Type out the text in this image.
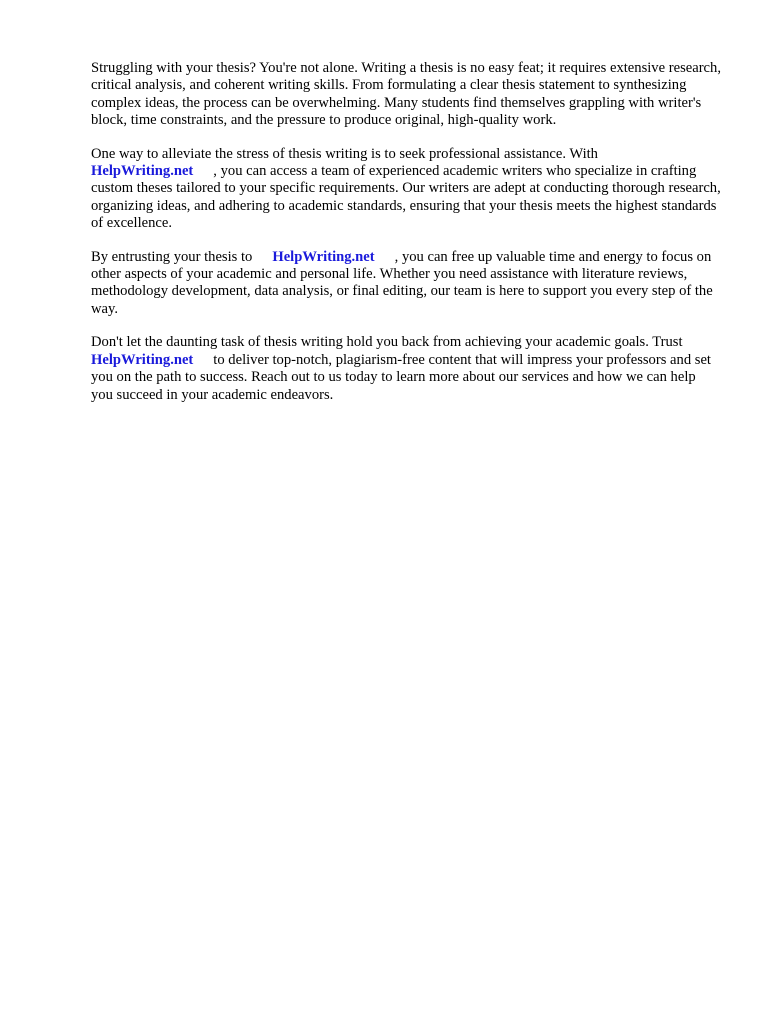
Struggling with your thesis? You're not alone. Writing a thesis is no easy feat; it requires extensive research, critical analysis, and coherent writing skills. From formulating a clear thesis statement to synthesizing complex ideas, the process can be overwhelming. Many students find themselves grappling with writer's block, time constraints, and the pressure to produce original, high-quality work.

One way to alleviate the stress of thesis writing is to seek professional assistance. With
HelpWriting.net , you can access a team of experienced academic writers who specialize in crafting custom theses tailored to your specific requirements. Our writers are adept at conducting thorough research, organizing ideas, and adhering to academic standards, ensuring that your thesis meets the highest standards of excellence.

By entrusting your thesis to HelpWriting.net , you can free up valuable time and energy to focus on other aspects of your academic and personal life. Whether you need assistance with literature reviews, methodology development, data analysis, or final editing, our team is here to support you every step of the way.

Don't let the daunting task of thesis writing hold you back from achieving your academic goals. TrustHelpWriting.net to deliver top-notch, plagiarism-free content that will impress your professors and set you on the path to success. Reach out to us today to learn more about our services and how we can help you succeed in your academic endeavors.
